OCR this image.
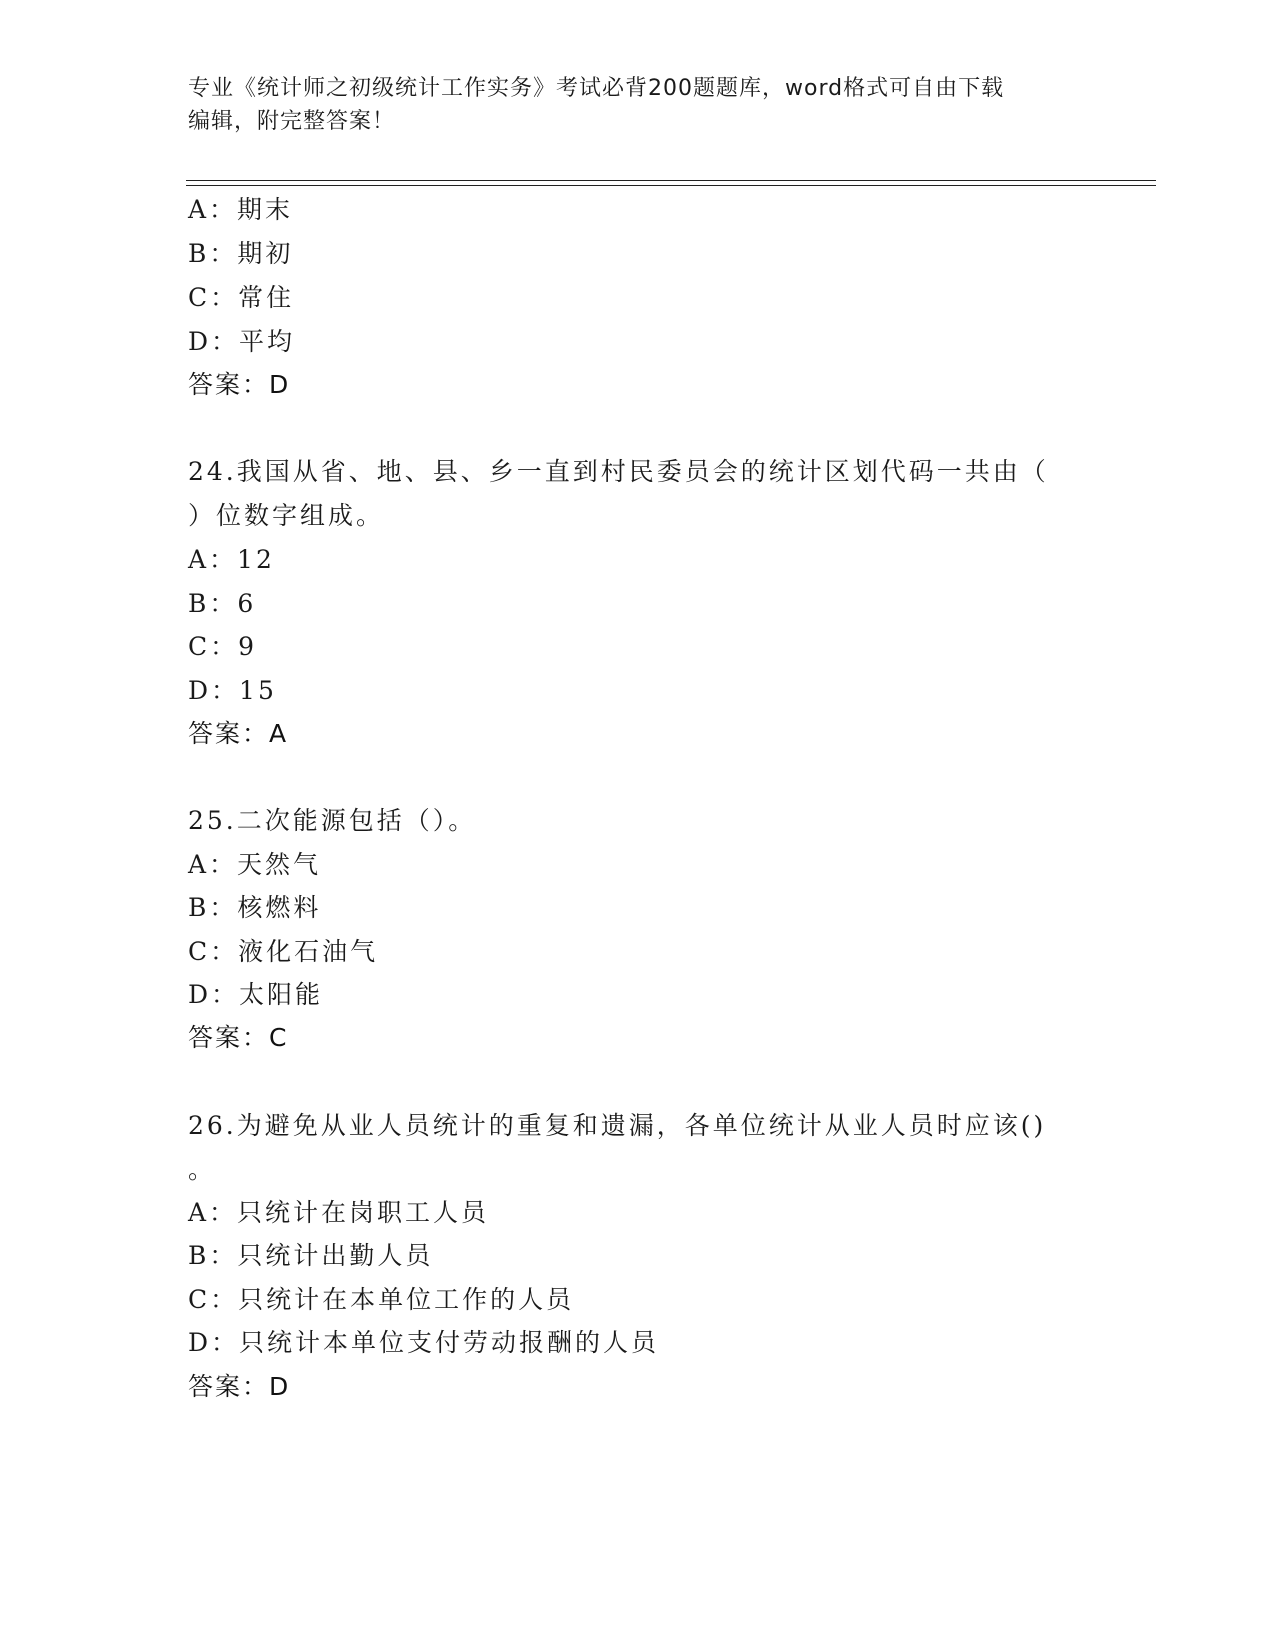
专业《统计师之初级统计工作实务》考试必背200题题库，word格式可自由下载
编辑，附完整答案！
A：期末
B：期初
C：常住
D：平均
答案：D
24.我国从省、地、县、乡一直到村民委员会的统计区划代码一共由（
）位数字组成。
A：12
B：6
C：9
D：15
答案：A
25.二次能源包括（）。
A：天然气
B：核燃料
C：液化石油气
D：太阳能
答案：C
26.为避免从业人员统计的重复和遗漏，各单位统计从业人员时应该()
。
A：只统计在岗职工人员
B：只统计出勤人员
C：只统计在本单位工作的人员
D：只统计本单位支付劳动报酬的人员
答案：D
